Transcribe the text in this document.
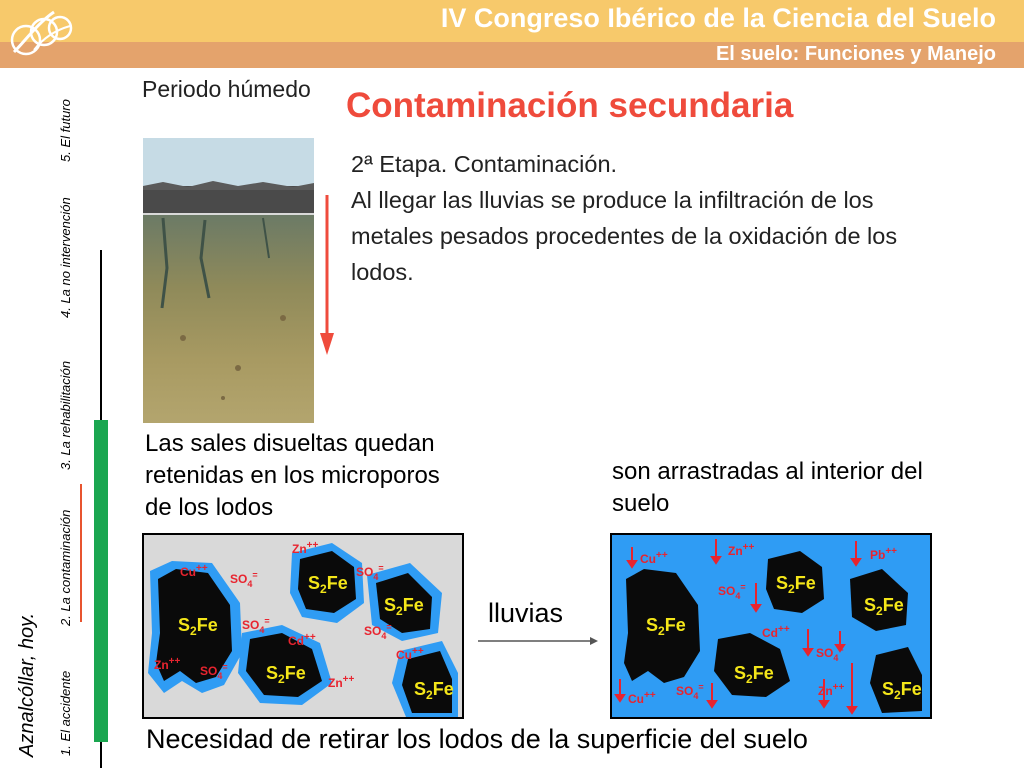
IV Congreso Ibérico de la Ciencia del Suelo
El suelo: Funciones y Manejo
Aznalcóllar, hoy. 1. El accidente
2. La contaminación
3. La rehabilitación
4. La no intervención
5. El futuro
Periodo húmedo	Contaminación secundaria
2ª Etapa. Contaminación.
Al llegar las lluvias se produce la infiltración de los metales pesados procedentes de la oxidación de los lodos.
Las sales disueltas quedan retenidas en los microporos de los lodos
son arrastradas al interior del suelo
$S_2Fe$
$S_2Fe$
$S_2Fe$
$S_2Fe$
$S_2Fe$
Cu++
$SO_4^=$
Zn++
$SO_4^=$
$SO_4^=$
Cd++	$SO_4^=$
Cu++
Zn++
$SO_4^=$
Zn++
lluvias	$S_2Fe$
$S_2Fe$
$S_2Fe$
$S_2Fe$
$S_2Fe$
Cu++	Zn++
Pb++
$SO_4^=$
Cd++
$SO_4^=$
Cu++ $SO_4^=$	Zn++
Necesidad de retirar los lodos de la superficie del suelo
